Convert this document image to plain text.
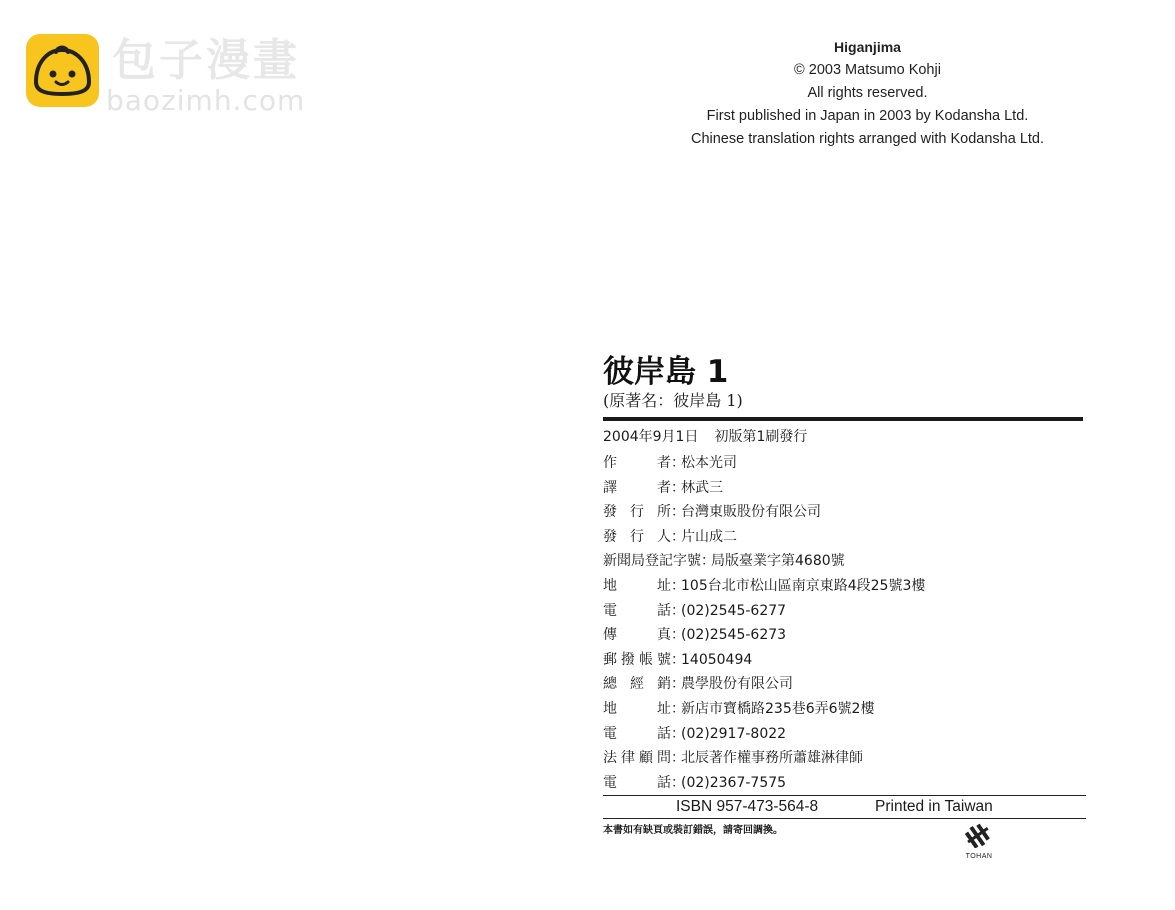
包子漫畫
baozimh.com
Higanjima
© 2003 Matsumo Kohji
All rights reserved.
First published in Japan in 2003 by Kodansha Ltd.
Chinese translation rights arranged with Kodansha Ltd.
彼岸島 1
(原著名：彼岸島 1)
2004年9月1日 初版第1刷發行
作	者 ：
松本光司
譯	者 ：
林武三
發 行 所 ：
台灣東販股份有限公司
發 行 人 ：
片山成二
新聞局登記字號 ：
局版臺業字第4680號
地	址 ：
105台北市松山區南京東路4段25號3樓
電	話 ：
(02)2545-6277
傳	真 ：
(02)2545-6273
郵 撥 帳 號 ：
14050494
總 經 銷 ：
農學股份有限公司
地	址 ：
新店市寶橋路235巷6弄6號2樓
電	話 ：
(02)2917-8022
法 律 顧 問 ：
北辰著作權事務所蕭雄淋律師
電	話 ：
(02)2367-7575
ISBN 957-473-564-8	Printed in Taiwan
本書如有缺頁或裝訂錯誤，請寄回調換。
TOHAN
